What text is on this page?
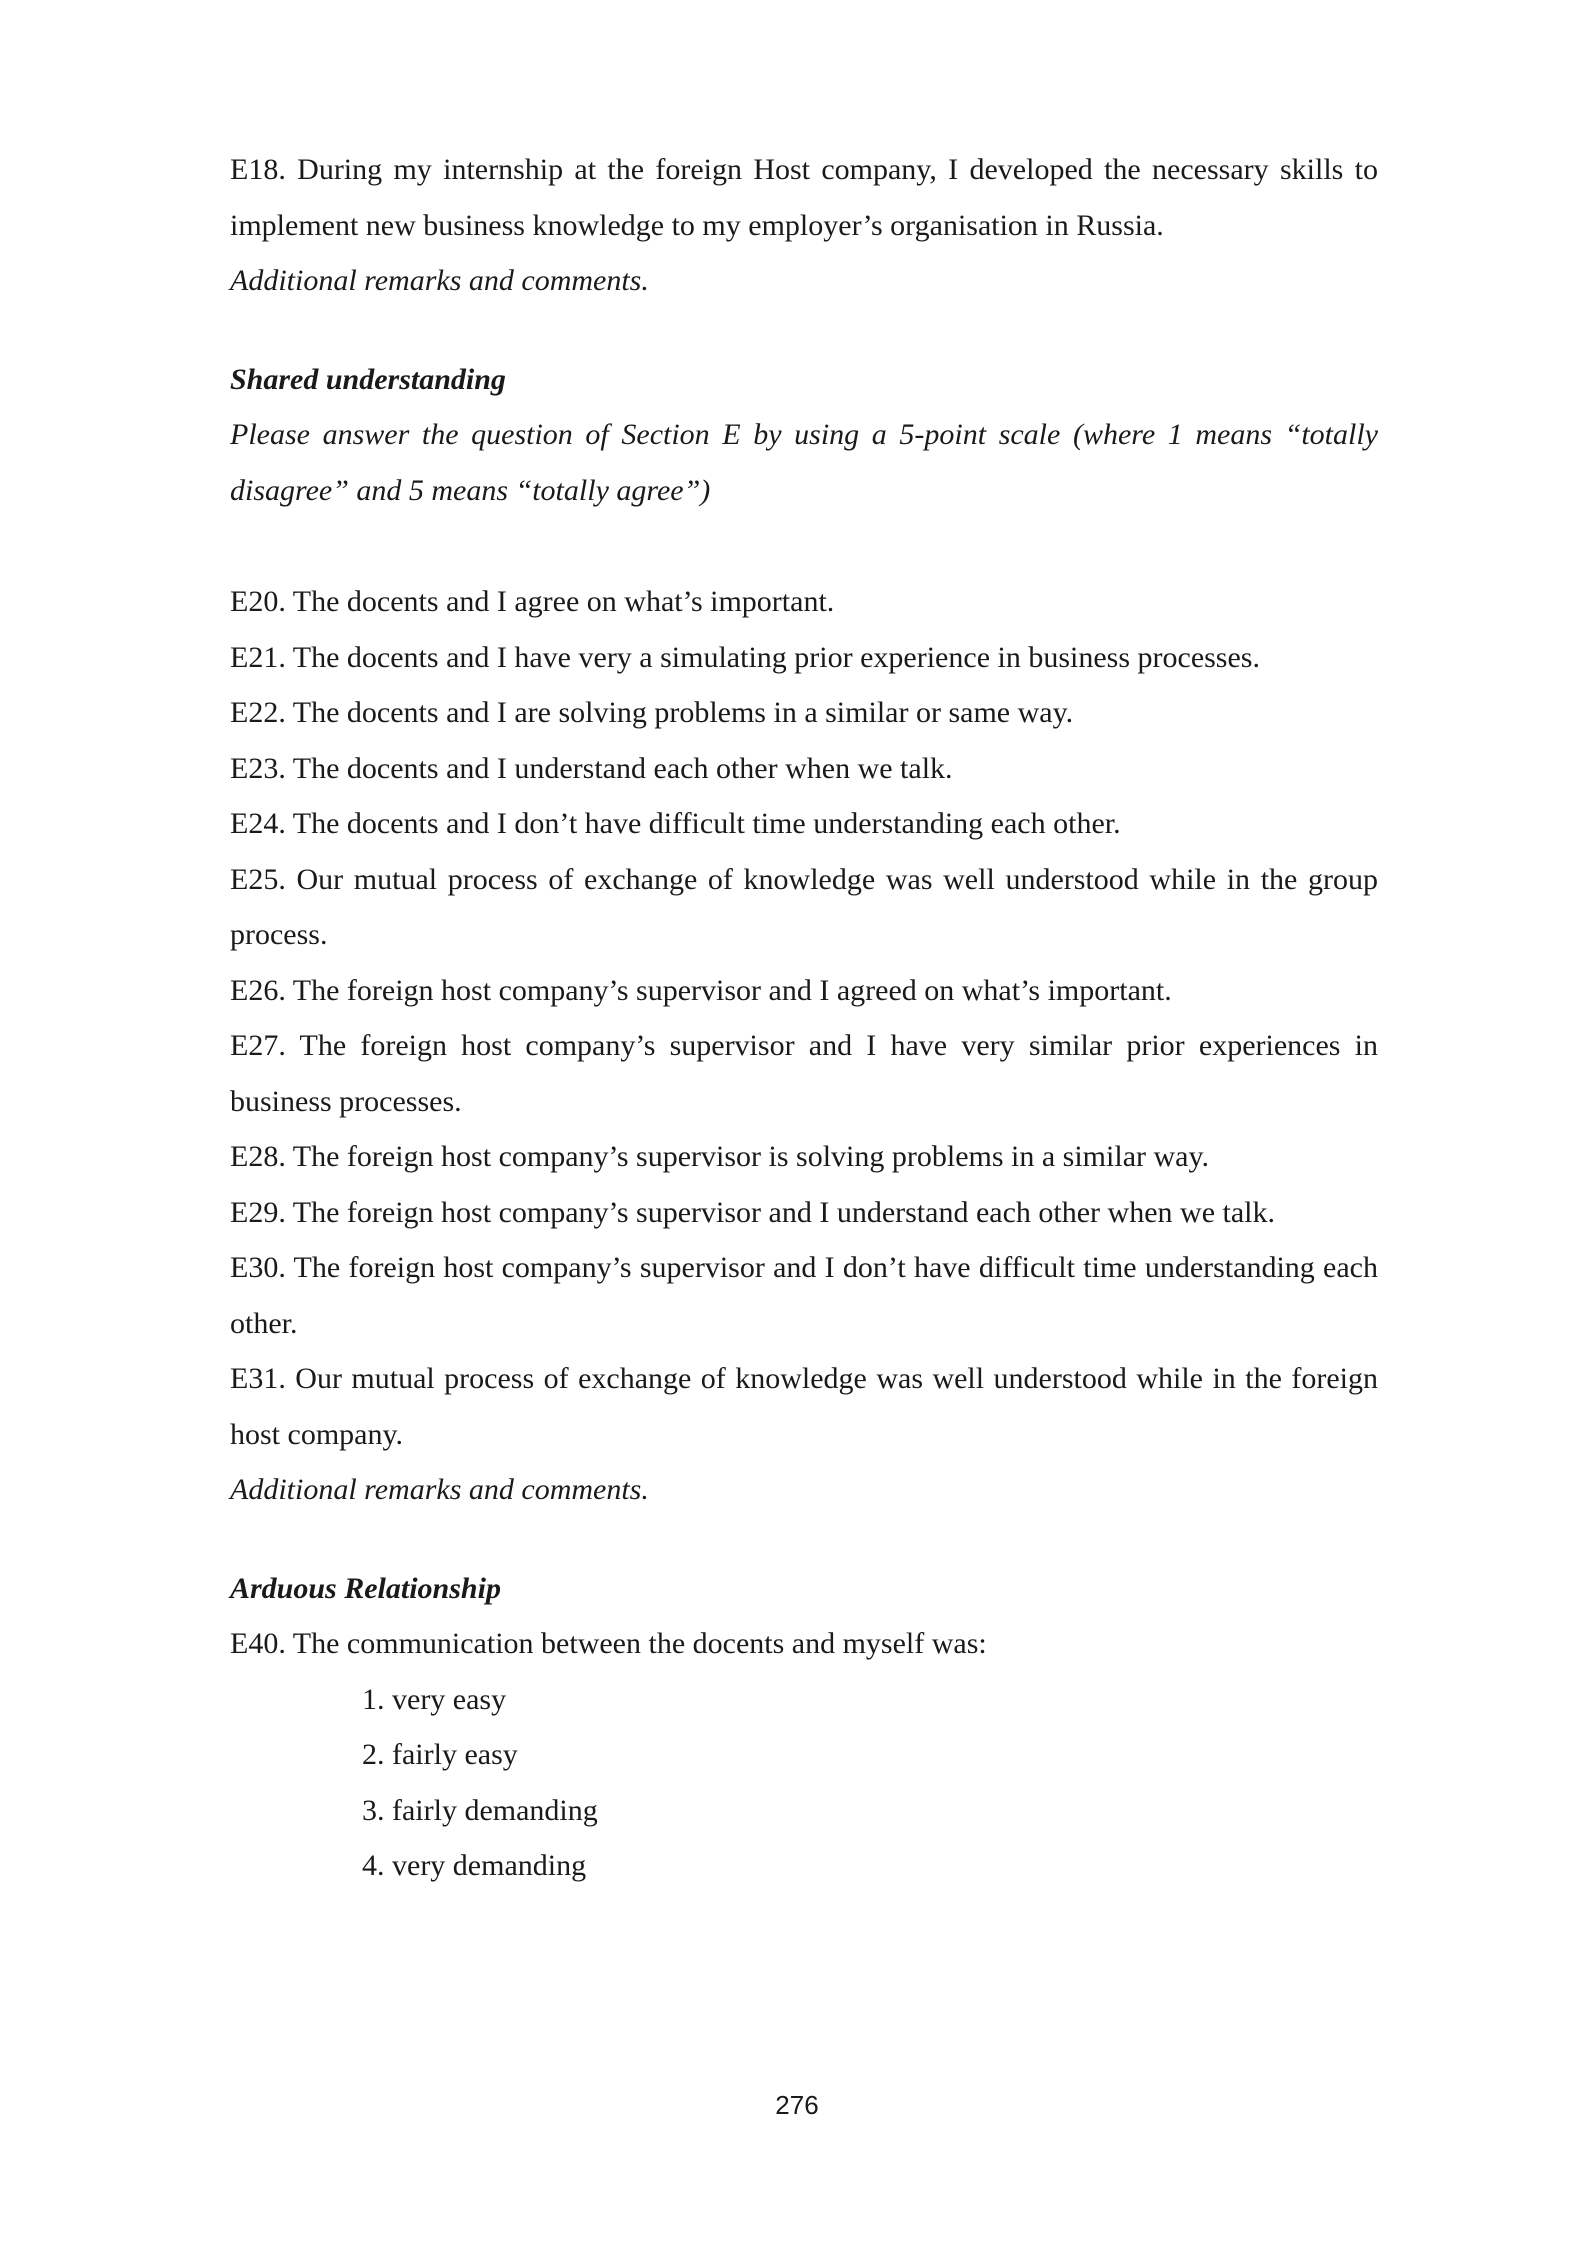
E18. During my internship at the foreign Host company, I developed the necessary skills to implement new business knowledge to my employer’s organisation in Russia.

Additional remarks and comments.

Shared understanding

Please answer the question of Section E by using a 5-point scale (where 1 means “totally disagree” and 5 means “totally agree”)

E20. The docents and I agree on what’s important.

E21. The docents and I have very a simulating prior experience in business processes.

E22. The docents and I are solving problems in a similar or same way.

E23. The docents and I understand each other when we talk.

E24. The docents and I don’t have difficult time understanding each other.

E25. Our mutual process of exchange of knowledge was well understood while in the group process.

E26. The foreign host company’s supervisor and I agreed on what’s important.

E27. The foreign host company’s supervisor and I have very similar prior experiences in business processes.

E28. The foreign host company’s supervisor is solving problems in a similar way.

E29. The foreign host company’s supervisor and I understand each other when we talk.

E30. The foreign host company’s supervisor and I don’t have difficult time understanding each other.

E31. Our mutual process of exchange of knowledge was well understood while in the foreign host company.

Additional remarks and comments.

Arduous Relationship

E40. The communication between the docents and myself was:

1. very easy
2. fairly easy
3. fairly demanding
4. very demanding
276
